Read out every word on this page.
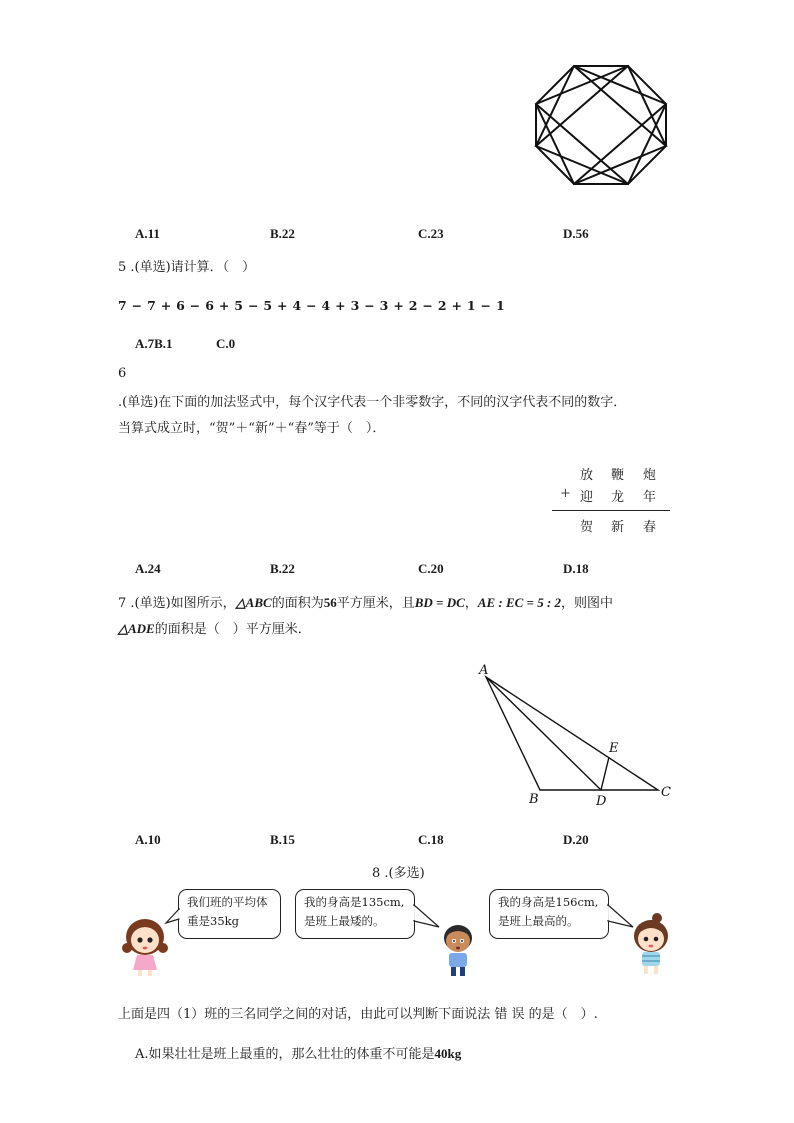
A.11	B.22	C.23	D.56
5 .(单选)请计算．（　）
7 − 7 + 6 − 6 + 5 − 5 + 4 − 4 + 3 − 3 + 2 − 2 + 1 − 1
A.7B.1	C.0
6
.(单选)在下面的加法竖式中，每个汉字代表一个非零数字，不同的汉字代表不同的数字．
当算式成立时，“贺”＋“新”＋“春”等于（　）．
放 鞭 炮
+ 迎 龙 年
贺 新 春
A.24	B.22	C.20	D.18
7 .(单选)如图所示，△ABC的面积为56平方厘米，且BD = DC，AE : EC = 5 : 2，则图中
△ADE的面积是（　）平方厘米．
A
B	D
C
E
A.10	B.15	C.18	D.20
8 .(多选)
我们班的平均体
重是35kg
我的身高是135cm,
是班上最矮的。
我的身高是156cm,
是班上最高的。
上面是四（1）班的三名同学之间的对话，由此可以判断下面说法 错 误 的是（　）.
A.如果壮壮是班上最重的，那么壮壮的体重不可能是40kg
